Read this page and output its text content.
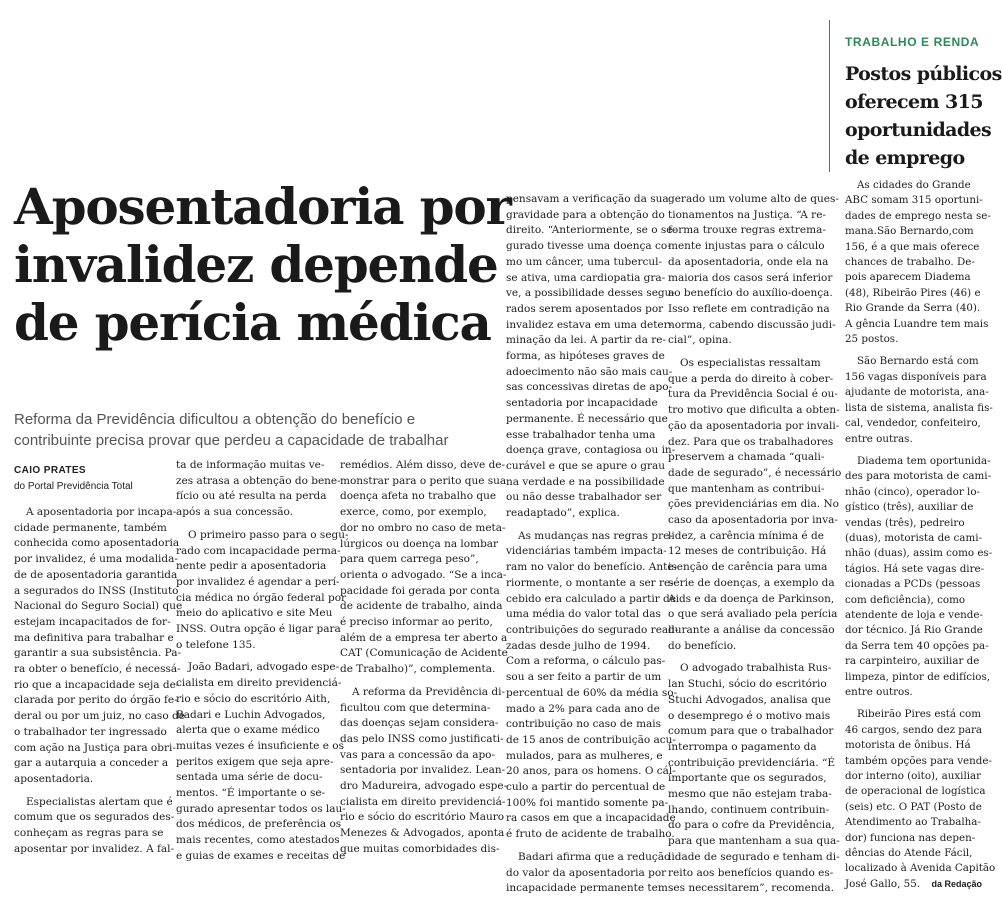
Aposentadoria por
invalidez depende
de perícia médica

Reforma da Previdência dificultou a obtenção do benefício e
contribuinte precisa provar que perdeu a capacidade de trabalhar

CAIO PRATES
do Portal Previdência Total
A aposentadoria por incapa-
cidade permanente, também
conhecida como aposentadoria
por invalidez, é uma modalida-
de de aposentadoria garantida
a segurados do INSS (Instituto
Nacional do Seguro Social) que
estejam incapacitados de for-
ma definitiva para trabalhar e
garantir a sua subsistência. Pa-
ra obter o benefício, é necessá-
rio que a incapacidade seja de-
clarada por perito do órgão fe-
deral ou por um juiz, no caso de
o trabalhador ter ingressado
com ação na Justiça para obri-
gar a autarquia a conceder a
aposentadoria.
Especialistas alertam que é
comum que os segurados des-
conheçam as regras para se
aposentar por invalidez. A fal-
ta de informação muitas ve-
zes atrasa a obtenção do bene-
fício ou até resulta na perda
após a sua concessão.
O primeiro passo para o segu-
rado com incapacidade perma-
nente pedir a aposentadoria
por invalidez é agendar a perí-
cia médica no órgão federal por
meio do aplicativo e site Meu
INSS. Outra opção é ligar para
o telefone 135.
João Badari, advogado espe-
cialista em direito previdenciá-
rio e sócio do escritório Aith,
Badari e Luchin Advogados,
alerta que o exame médico
muitas vezes é insuficiente e os
peritos exigem que seja apre-
sentada uma série de docu-
mentos. “É importante o se-
gurado apresentar todos os lau-
dos médicos, de preferência os
mais recentes, como atestados
e guias de exames e receitas de
remédios. Além disso, deve de-
monstrar para o perito que sua
doença afeta no trabalho que
exerce, como, por exemplo,
dor no ombro no caso de meta-
lúrgicos ou doença na lombar
para quem carrega peso”,
orienta o advogado. “Se a inca-
pacidade foi gerada por conta
de acidente de trabalho, ainda
é preciso informar ao perito,
além de a empresa ter aberto a
CAT (Comunicação de Acidente
de Trabalho)”, complementa.
A reforma da Previdência di-
ficultou com que determina-
das doenças sejam considera-
das pelo INSS como justificati-
vas para a concessão da apo-
sentadoria por invalidez. Lean-
dro Madureira, advogado espe-
cialista em direito previdenciá-
rio e sócio do escritório Mauro
Menezes & Advogados, aponta
que muitas comorbidades dis-
pensavam a verificação da sua
gravidade para a obtenção do
direito. “Anteriormente, se o se-
gurado tivesse uma doença co-
mo um câncer, uma tubercul-
se ativa, uma cardiopatia gra-
ve, a possibilidade desses segu-
rados serem aposentados por
invalidez estava em uma deter-
minação da lei. A partir da re-
forma, as hipóteses graves de
adoecimento não são mais cau-
sas concessivas diretas de apo-
sentadoria por incapacidade
permanente. É necessário que
esse trabalhador tenha uma
doença grave, contagiosa ou in-
curável e que se apure o grau
na verdade e na possibilidade
ou não desse trabalhador ser
readaptado”, explica.
As mudanças nas regras pre-
videnciárias também impacta-
ram no valor do benefício. Ante-
riormente, o montante a ser re-
cebido era calculado a partir de
uma média do valor total das
contribuições do segurado reali-
zadas desde julho de 1994.
Com a reforma, o cálculo pas-
sou a ser feito a partir de um
percentual de 60% da média so-
mado a 2% para cada ano de
contribuição no caso de mais
de 15 anos de contribuição acu-
mulados, para as mulheres, e
20 anos, para os homens. O cál-
culo a partir do percentual de
100% foi mantido somente pa-
ra casos em que a incapacidade
é fruto de acidente de trabalho.
Badari afirma que a redução
do valor da aposentadoria por
incapacidade permanente tem
gerado um volume alto de ques-
tionamentos na Justiça. “A re-
forma trouxe regras extrema-
mente injustas para o cálculo
da aposentadoria, onde ela na
maioria dos casos será inferior
ao benefício do auxílio-doença.
Isso reflete em contradição na
norma, cabendo discussão judi-
cial”, opina.
Os especialistas ressaltam
que a perda do direito à cober-
tura da Previdência Social é ou-
tro motivo que dificulta a obten-
ção da aposentadoria por invali-
dez. Para que os trabalhadores
preservem a chamada “quali-
dade de segurado”, é necessário
que mantenham as contribui-
ções previdenciárias em dia. No
caso da aposentadoria por inva-
lidez, a carência mínima é de
12 meses de contribuição. Há
isenção de carência para uma
série de doenças, a exemplo da
Aids e da doença de Parkinson,
o que será avaliado pela perícia
durante a análise da concessão
do benefício.
O advogado trabalhista Rus-
lan Stuchi, sócio do escritório
Stuchi Advogados, analisa que
o desemprego é o motivo mais
comum para que o trabalhador
interrompa o pagamento da
contribuição previdenciária. “É
importante que os segurados,
mesmo que não estejam traba-
lhando, continuem contribuin-
do para o cofre da Previdência,
para que mantenham a sua qua-
lidade de segurado e tenham di-
reito aos benefícios quando es-
ses necessitarem”, recomenda.
TRABALHO E RENDA
Postos públicos
oferecem 315
oportunidades
de emprego
As cidades do Grande
ABC somam 315 oportuni-
dades de emprego nesta se-
mana.São Bernardo,com
156, é a que mais oferece
chances de trabalho. De-
pois aparecem Diadema
(48), Ribeirão Pires (46) e
Rio Grande da Serra (40).
A gência Luandre tem mais
25 postos.
São Bernardo está com
156 vagas disponíveis para
ajudante de motorista, ana-
lista de sistema, analista fis-
cal, vendedor, confeiteiro,
entre outras.
Diadema tem oportunida-
des para motorista de cami-
nhão (cinco), operador lo-
gístico (três), auxiliar de
vendas (três), pedreiro
(duas), motorista de cami-
nhão (duas), assim como es-
tágios. Há sete vagas dire-
cionadas a PCDs (pessoas
com deficiência), como
atendente de loja e vende-
dor técnico. Já Rio Grande
da Serra tem 40 opções pa-
ra carpinteiro, auxiliar de
limpeza, pintor de edifícios,
entre outros.
Ribeirão Pires está com
46 cargos, sendo dez para
motorista de ônibus. Há
também opções para vende-
dor interno (oito), auxiliar
de operacional de logística
(seis) etc. O PAT (Posto de
Atendimento ao Trabalha-
dor) funciona nas depen-
dências do Atende Fácil,
localizado à Avenida Capitão
José Gallo, 55. da Redação
